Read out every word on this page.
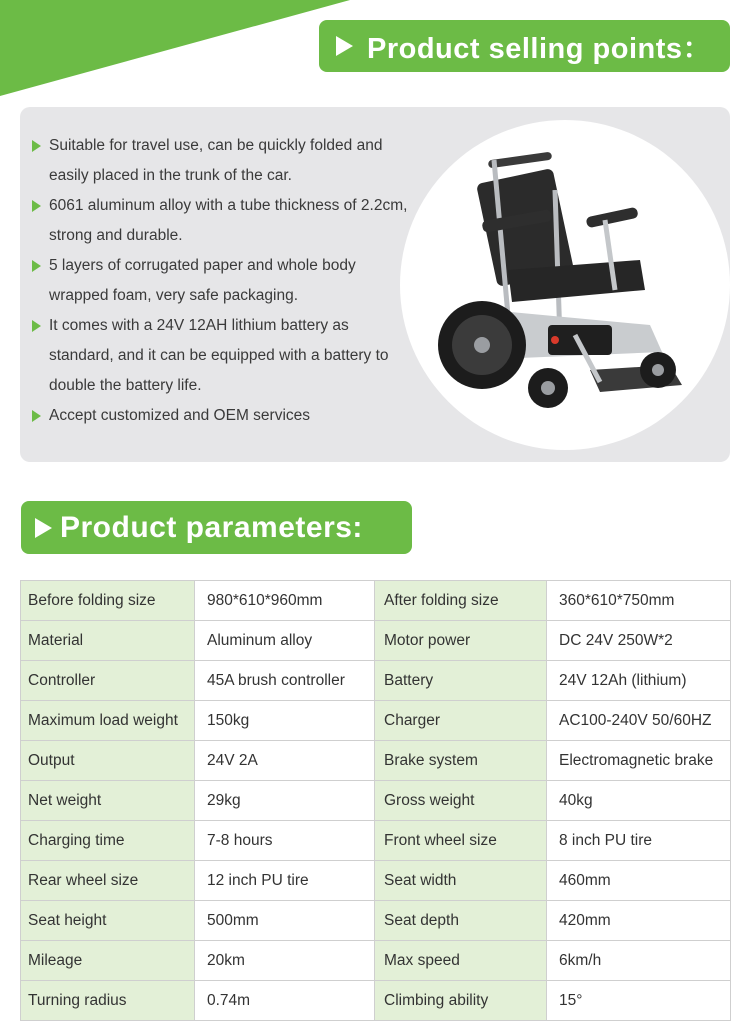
Product selling points：
Suitable for travel use, can be quickly folded and easily placed in the trunk of the car.
6061 aluminum alloy with a tube thickness of 2.2cm, strong and durable.
5 layers of corrugated paper and whole body wrapped foam, very safe packaging.
It comes with a 24V 12AH lithium battery as standard, and it can be equipped with a battery to double the battery life.
Accept customized and OEM services
Product parameters:
Before folding size	980*610*960mm	After folding size	360*610*750mm
Material	Aluminum alloy	Motor power	DC 24V 250W*2
Controller	45A brush controller	Battery	24V 12Ah (lithium)
Maximum load weight	150kg	Charger	AC100-240V 50/60HZ
Output	24V 2A	Brake system	Electromagnetic brake
Net weight	29kg	Gross weight	40kg
Charging time	7-8 hours	Front wheel size	8 inch PU tire
Rear wheel size	12 inch PU tire	Seat width	460mm
Seat height	500mm	Seat depth	420mm
Mileage	20km	Max speed	6km/h
Turning radius	0.74m	Climbing ability	15°
